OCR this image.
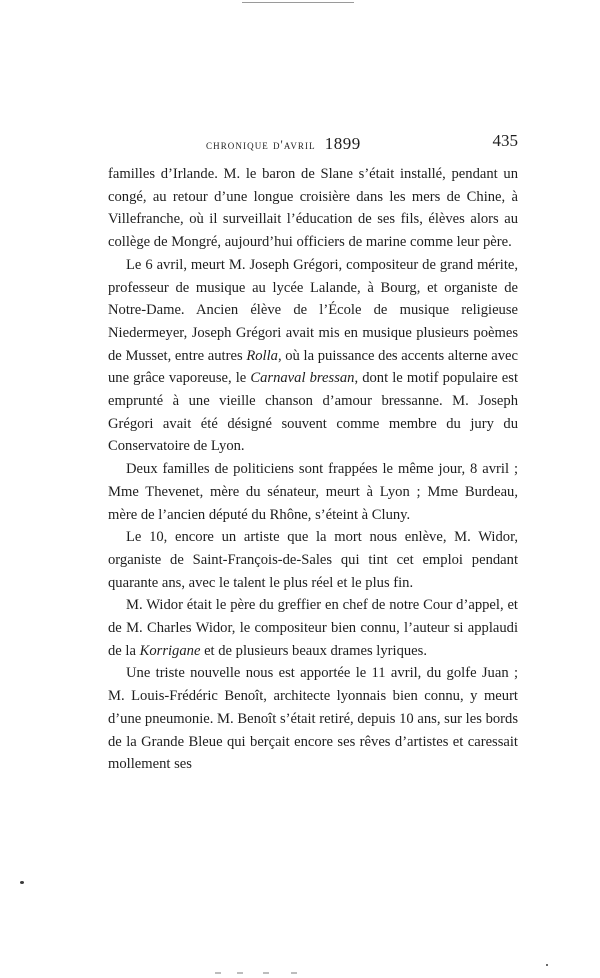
chronique d'avril 1899	435

familles d’Irlande. M. le baron de Slane s’était installé, pendant un congé, au retour d’une longue croisière dans les mers de Chine, à Villefranche, où il surveillait l’éducation de ses fils, élèves alors au collège de Mongré, aujourd’hui officiers de marine comme leur père.

Le 6 avril, meurt M. Joseph Grégori, compositeur de grand mérite, professeur de musique au lycée Lalande, à Bourg, et organiste de Notre-Dame. Ancien élève de l’École de musique religieuse Niedermeyer, Joseph Grégori avait mis en musique plusieurs poèmes de Musset, entre autres Rolla, où la puissance des accents alterne avec une grâce vaporeuse, le Carnaval bressan, dont le motif populaire est emprunté à une vieille chanson d’amour bressanne. M. Joseph Grégori avait été désigné souvent comme membre du jury du Conservatoire de Lyon.

Deux familles de politiciens sont frappées le même jour, 8 avril ; Mme Thevenet, mère du sénateur, meurt à Lyon ; Mme Burdeau, mère de l’ancien député du Rhône, s’éteint à Cluny.

Le 10, encore un artiste que la mort nous enlève, M. Widor, organiste de Saint-François-de-Sales qui tint cet emploi pendant quarante ans, avec le talent le plus réel et le plus fin.

M. Widor était le père du greffier en chef de notre Cour d’appel, et de M. Charles Widor, le compositeur bien connu, l’auteur si applaudi de la Korrigane et de plusieurs beaux drames lyriques.

Une triste nouvelle nous est apportée le 11 avril, du golfe Juan ; M. Louis-Frédéric Benoît, architecte lyonnais bien connu, y meurt d’une pneumonie. M. Benoît s’était retiré, depuis 10 ans, sur les bords de la Grande Bleue qui berçait encore ses rêves d’artistes et caressait mollement ses
